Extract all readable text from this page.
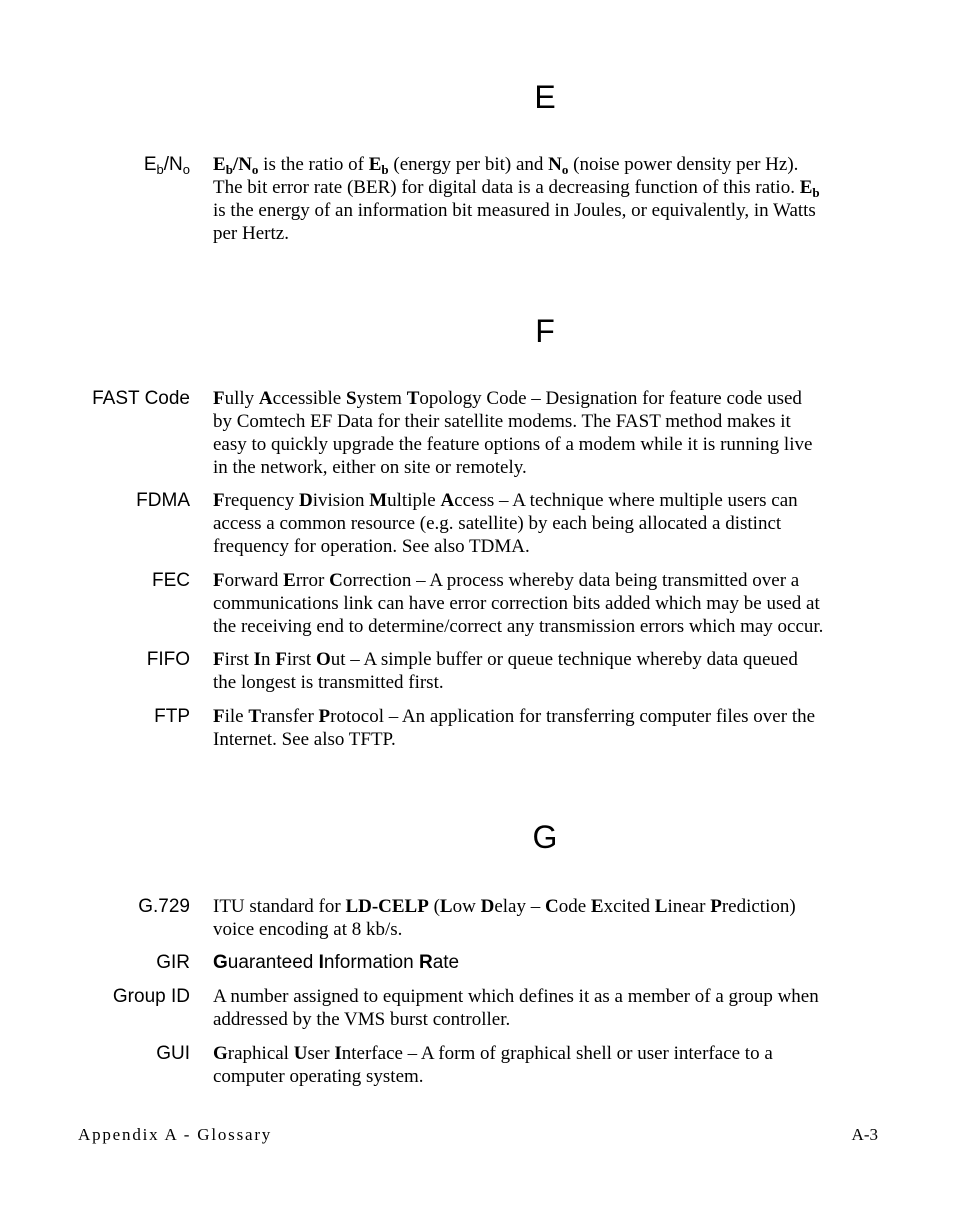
E
$E_b/N_o$ $E_b/N_o$ is the ratio of $E_b$ (energy per bit) and $N_o$ (noise power density per Hz).
The bit error rate (BER) for digital data is a decreasing function of this ratio. $E_b$
is the energy of an information bit measured in Joules, or equivalently, in Watts
per Hertz.
F
FAST Code Fully Accessible System Topology Code – Designation for feature code used
by Comtech EF Data for their satellite modems. The FAST method makes it
easy to quickly upgrade the feature options of a modem while it is running live
in the network, either on site or remotely.
FDMA Frequency Division Multiple Access – A technique where multiple users can
access a common resource (e.g. satellite) by each being allocated a distinct
frequency for operation. See also TDMA.
FEC Forward Error Correction – A process whereby data being transmitted over a
communications link can have error correction bits added which may be used at
the receiving end to determine/correct any transmission errors which may occur.
FIFO First In First Out – A simple buffer or queue technique whereby data queued
the longest is transmitted first.
FTP File Transfer Protocol – An application for transferring computer files over the
Internet. See also TFTP.
G
G.729 ITU standard for LD-CELP (Low Delay – Code Excited Linear Prediction)
voice encoding at 8 kb/s.
GIR Guaranteed Information Rate
Group ID A number assigned to equipment which defines it as a member of a group when
addressed by the VMS burst controller.
GUI Graphical User Interface – A form of graphical shell or user interface to a
computer operating system.
Appendix A - Glossary	A-3
